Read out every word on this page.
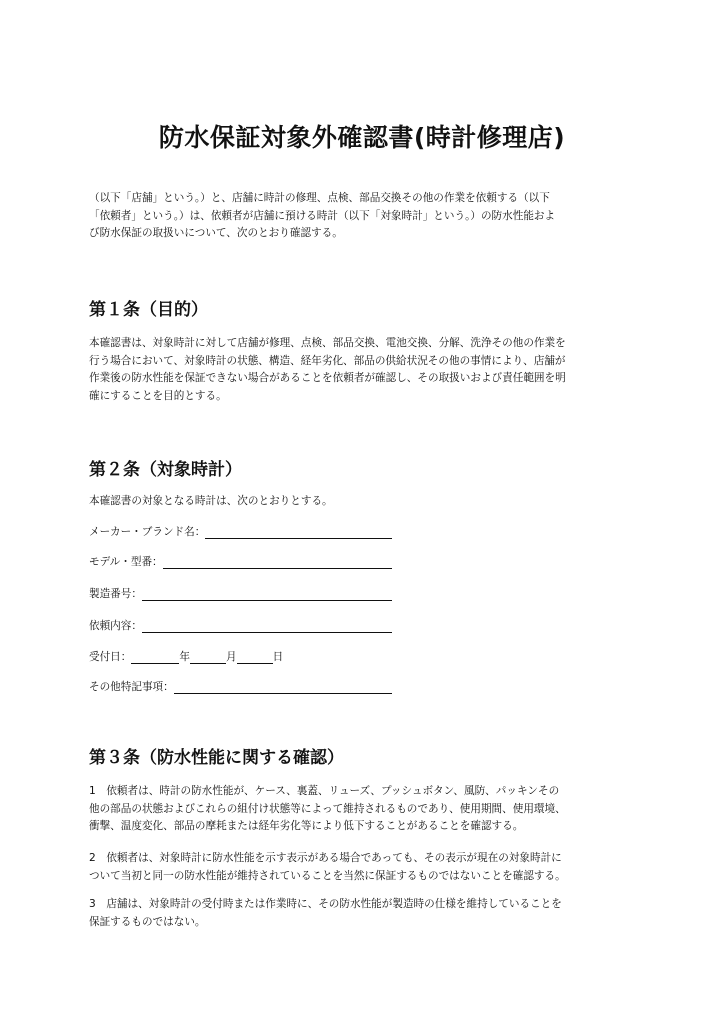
防水保証対象外確認書(時計修理店)

（以下「店舗」という。）と、店舗に時計の修理、点検、部品交換その他の作業を依頼する（以下
「依頼者」という。）は、依頼者が店舗に預ける時計（以下「対象時計」という。）の防水性能およ
び防水保証の取扱いについて、次のとおり確認する。

第１条（目的）

本確認書は、対象時計に対して店舗が修理、点検、部品交換、電池交換、分解、洗浄その他の作業を
行う場合において、対象時計の状態、構造、経年劣化、部品の供給状況その他の事情により、店舗が
作業後の防水性能を保証できない場合があることを依頼者が確認し、その取扱いおよび責任範囲を明
確にすることを目的とする。

第２条（対象時計）

本確認書の対象となる時計は、次のとおりとする。

メーカー・ブランド名：
モデル・型番：
製造番号：
依頼内容：
受付日：	年	月	日
その他特記事項：
第３条（防水性能に関する確認）

1　依頼者は、時計の防水性能が、ケース、裏蓋、リューズ、プッシュボタン、風防、パッキンその
他の部品の状態およびこれらの組付け状態等によって維持されるものであり、使用期間、使用環境、
衝撃、温度変化、部品の摩耗または経年劣化等により低下することがあることを確認する。

2　依頼者は、対象時計に防水性能を示す表示がある場合であっても、その表示が現在の対象時計に
ついて当初と同一の防水性能が維持されていることを当然に保証するものではないことを確認する。

3　店舗は、対象時計の受付時または作業時に、その防水性能が製造時の仕様を維持していることを
保証するものではない。
